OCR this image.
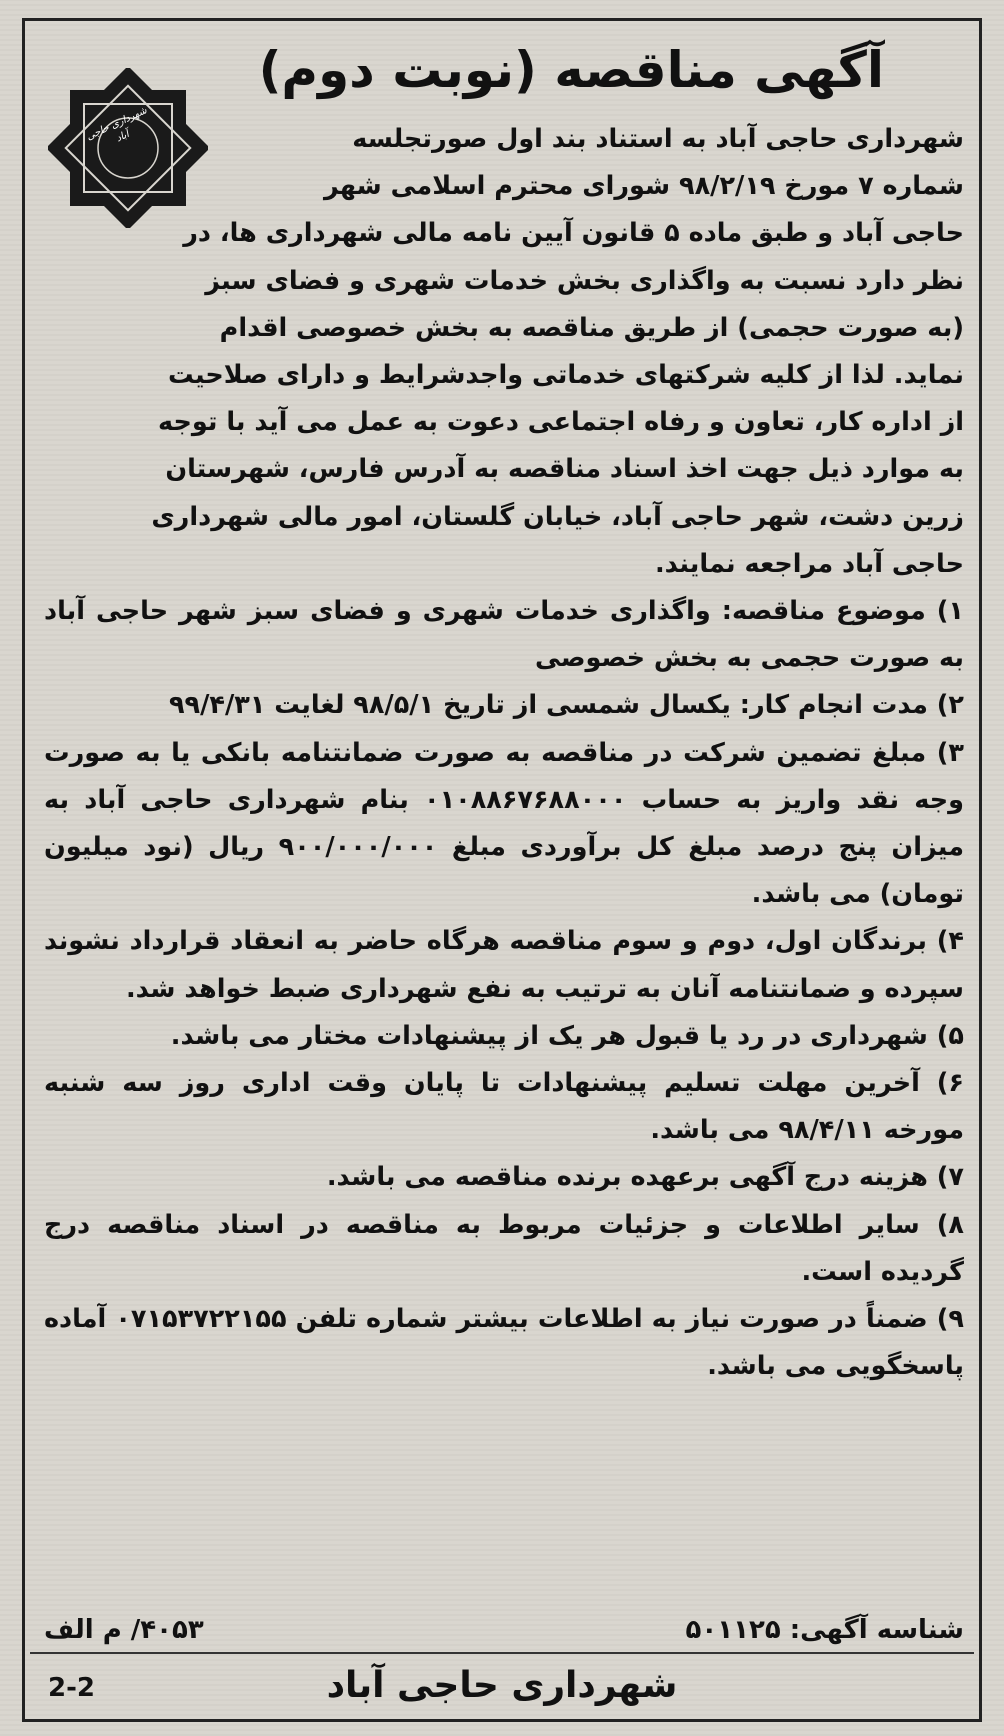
آگهی مناقصه (نوبت دوم)
شهرداری حاجی آباد	شهرداری حاجی آباد به استناد بند اول صورتجلسه

شماره ۷ مورخ ۹۸/۲/۱۹ شورای محترم اسلامی شهر

حاجی آباد و طبق ماده ۵ قانون آیین نامه مالی شهرداری ها، در

نظر دارد نسبت به واگذاری بخش خدمات شهری و فضای سبز

(به صورت حجمی) از طریق مناقصه به بخش خصوصی اقدام

نماید. لذا از کلیه شرکتهای خدماتی واجدشرایط و دارای صلاحیت

از اداره کار، تعاون و رفاه اجتماعی دعوت به عمل می آید با توجه

به موارد ذیل جهت اخذ اسناد مناقصه به آدرس فارس، شهرستان

زرین دشت، شهر حاجی آباد، خیابان گلستان، امور مالی شهرداری

حاجی آباد مراجعه نمایند.

۱) موضوع مناقصه: واگذاری خدمات شهری و فضای سبز شهر حاجی آباد به صورت حجمی به بخش خصوصی

۲) مدت انجام کار: یکسال شمسی از تاریخ ۹۸/۵/۱ لغایت ۹۹/۴/۳۱

۳) مبلغ تضمین شرکت در مناقصه به صورت ضمانتنامه بانکی یا به صورت وجه نقد واریز به حساب ۰۱۰۸۸۶۷۶۸۸۰۰۰ بنام شهرداری حاجی آباد به میزان پنج درصد مبلغ کل برآوردی مبلغ ۹۰۰/۰۰۰/۰۰۰ ریال (نود میلیون تومان) می باشد.

۴) برندگان اول، دوم و سوم مناقصه هرگاه حاضر به انعقاد قرارداد نشوند سپرده و ضمانتنامه آنان به ترتیب به نفع شهرداری ضبط خواهد شد.

۵) شهرداری در رد یا قبول هر یک از پیشنهادات مختار می باشد.

۶) آخرین مهلت تسلیم پیشنهادات تا پایان وقت اداری روز سه شنبه مورخه ۹۸/۴/۱۱ می باشد.

۷) هزینه درج آگهی برعهده برنده مناقصه می باشد.

۸) سایر اطلاعات و جزئیات مربوط به مناقصه در اسناد مناقصه درج گردیده است.

۹) ضمناً در صورت نیاز به اطلاعات بیشتر شماره تلفن ۰۷۱۵۳۷۲۲۱۵۵ آماده پاسخگویی می باشد.

شناسه آگهی: ۵۰۱۱۲۵
۴۰۵۳/ م الف
شهرداری حاجی آباد
2-2
